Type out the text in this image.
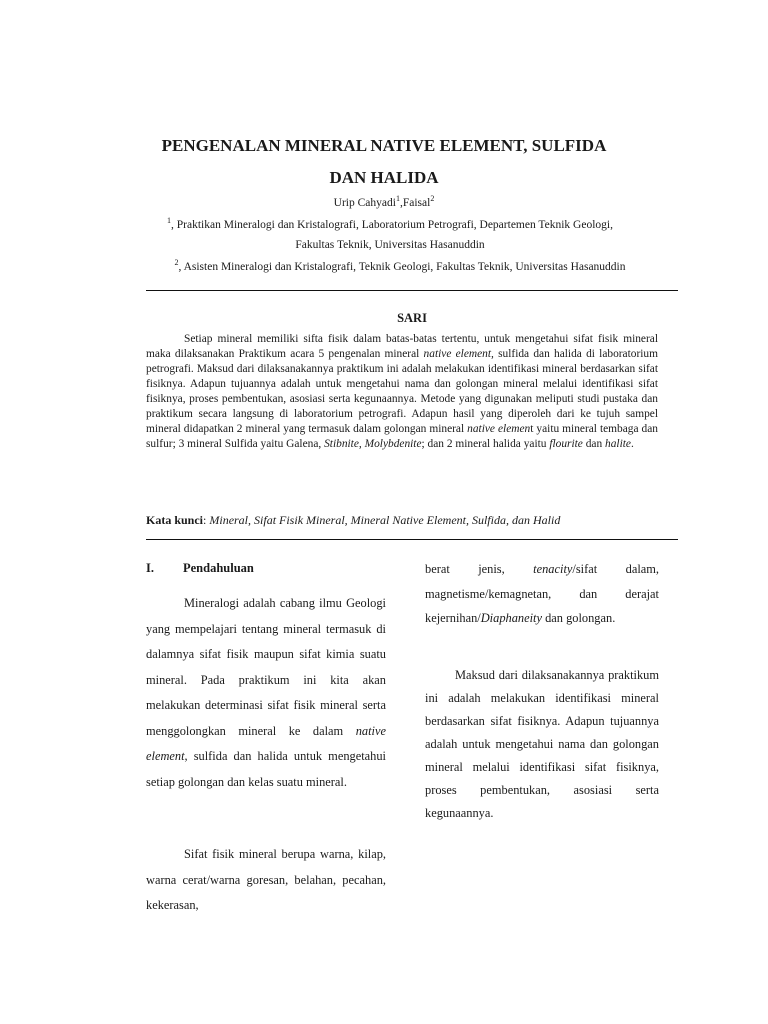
PENGENALAN MINERAL NATIVE ELEMENT, SULFIDA
DAN HALIDA
Urip Cahyadi$^1$,Faisal$^2$
$^1$, Praktikan Mineralogi dan Kristalografi, Laboratorium Petrografi, Departemen Teknik Geologi,
Fakultas Teknik, Universitas Hasanuddin
$^2$, Asisten Mineralogi dan Kristalografi, Teknik Geologi, Fakultas Teknik, Universitas Hasanuddin
SARI

Setiap mineral memiliki sifta fisik dalam batas-batas tertentu, untuk mengetahui sifat fisik mineral maka dilaksanakan Praktikum acara 5 pengenalan mineral native element, sulfida dan halida di laboratorium petrografi. Maksud dari dilaksanakannya praktikum ini adalah melakukan identifikasi mineral berdasarkan sifat fisiknya. Adapun tujuannya adalah untuk mengetahui nama dan golongan mineral melalui identifikasi sifat fisiknya, proses pembentukan, asosiasi serta kegunaannya. Metode yang digunakan meliputi studi pustaka dan praktikum secara langsung di laboratorium petrografi. Adapun hasil yang diperoleh dari ke tujuh sampel mineral didapatkan 2 mineral yang termasuk dalam golongan mineral native element yaitu mineral tembaga dan sulfur; 3 mineral Sulfida yaitu Galena, Stibnite, Molybdenite; dan 2 mineral halida yaitu flourite dan halite.

Kata kunci: Mineral, Sifat Fisik Mineral, Mineral Native Element, Sulfida, dan Halid
I. Pendahuluan

Mineralogi adalah cabang ilmu Geologi yang mempelajari tentang mineral termasuk di dalamnya sifat fisik maupun sifat kimia suatu mineral. Pada praktikum ini kita akan melakukan determinasi sifat fisik mineral serta menggolongkan mineral ke dalam native element, sulfida dan halida untuk mengetahui setiap golongan dan kelas suatu mineral.

Sifat fisik mineral berupa warna, kilap, warna cerat/warna goresan, belahan, pecahan, kekerasan,

berat jenis, tenacity/sifat dalam, magnetisme/kemagnetan, dan derajat kejernihan/Diaphaneity dan golongan.

Maksud dari dilaksanakannya praktikum ini adalah melakukan identifikasi mineral berdasarkan sifat fisiknya. Adapun tujuannya adalah untuk mengetahui nama dan golongan mineral melalui identifikasi sifat fisiknya, proses pembentukan, asosiasi serta kegunaannya.
